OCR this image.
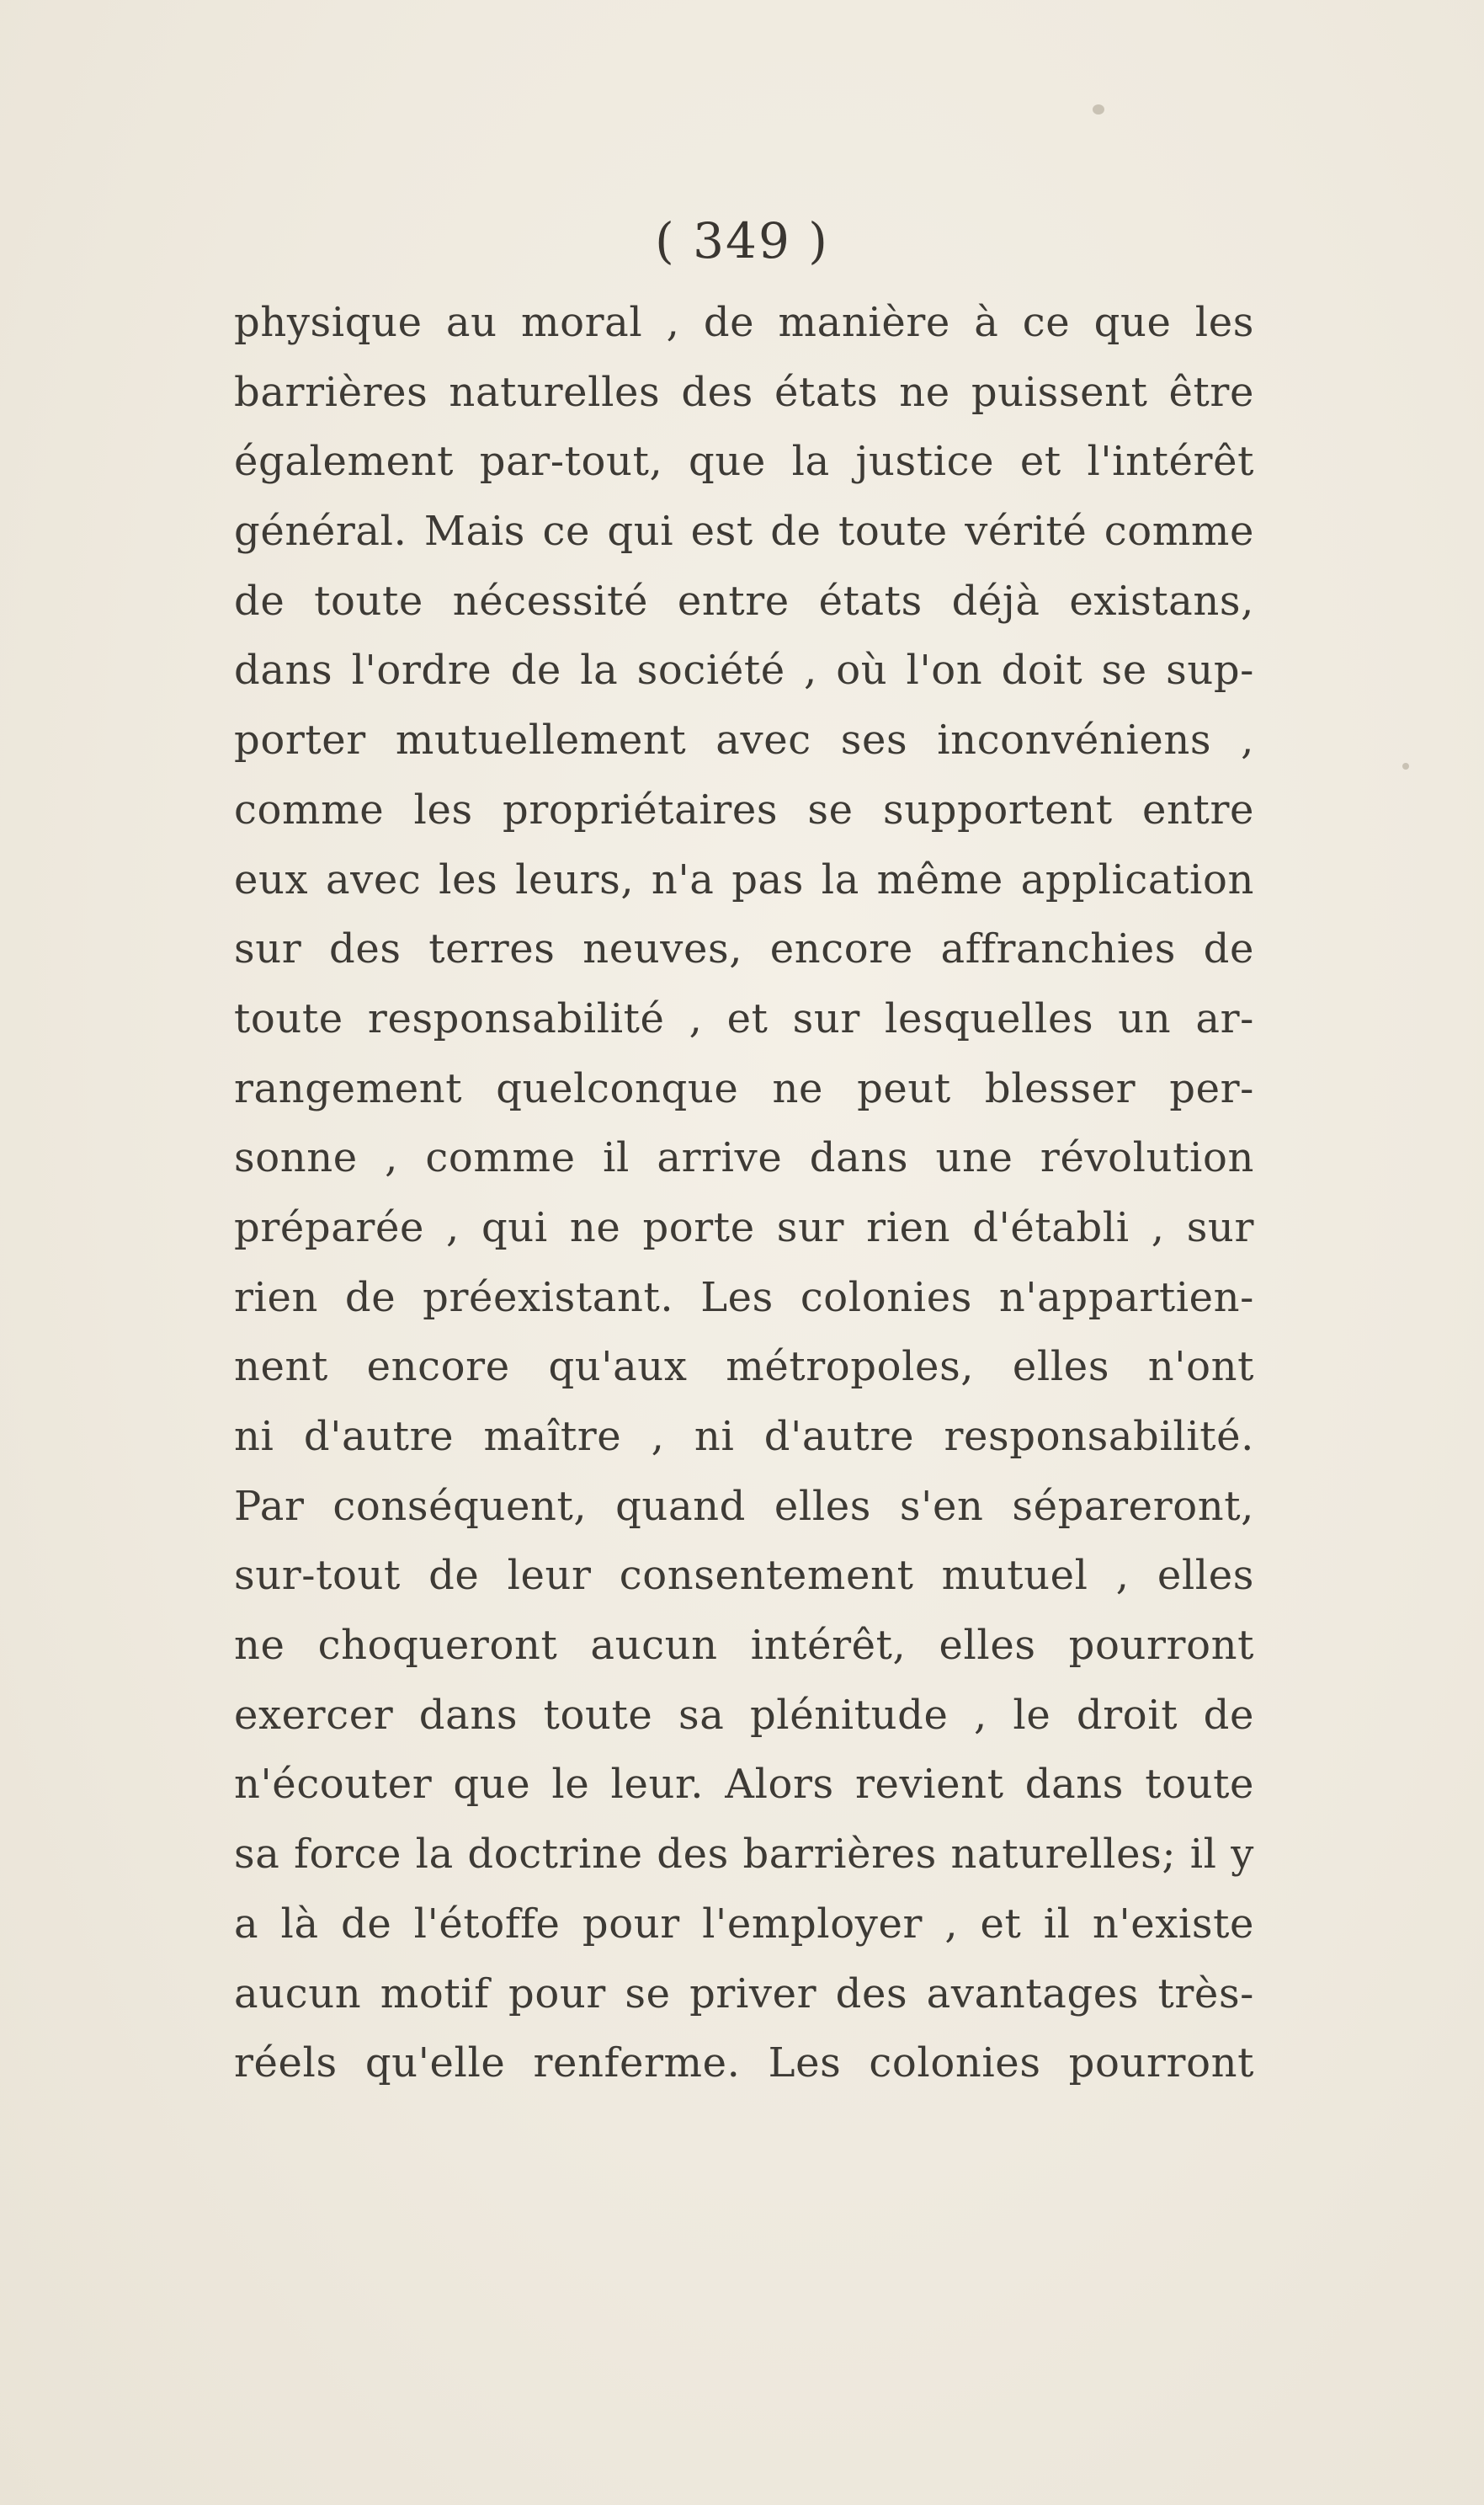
( 349 )
physique au moral , de manière à ce que les
barrières naturelles des états ne puissent être
également par-tout, que la justice et l'intérêt
général. Mais ce qui est de toute vérité comme
de toute nécessité entre états déjà existans,
dans l'ordre de la société , où l'on doit se sup-
porter mutuellement avec ses inconvéniens ,
comme les propriétaires se supportent entre
eux avec les leurs, n'a pas la même application
sur des terres neuves, encore affranchies de
toute responsabilité , et sur lesquelles un ar-
rangement quelconque ne peut blesser per-
sonne , comme il arrive dans une révolution
préparée , qui ne porte sur rien d'établi , sur
rien de préexistant. Les colonies n'appartien-
nent encore qu'aux métropoles, elles n'ont
ni d'autre maître , ni d'autre responsabilité.
Par conséquent, quand elles s'en sépareront,
sur-tout de leur consentement mutuel , elles
ne choqueront aucun intérêt, elles pourront
exercer dans toute sa plénitude , le droit de
n'écouter que le leur. Alors revient dans toute
sa force la doctrine des barrières naturelles; il y
a là de l'étoffe pour l'employer , et il n'existe
aucun motif pour se priver des avantages très-
réels qu'elle renferme. Les colonies pourront
